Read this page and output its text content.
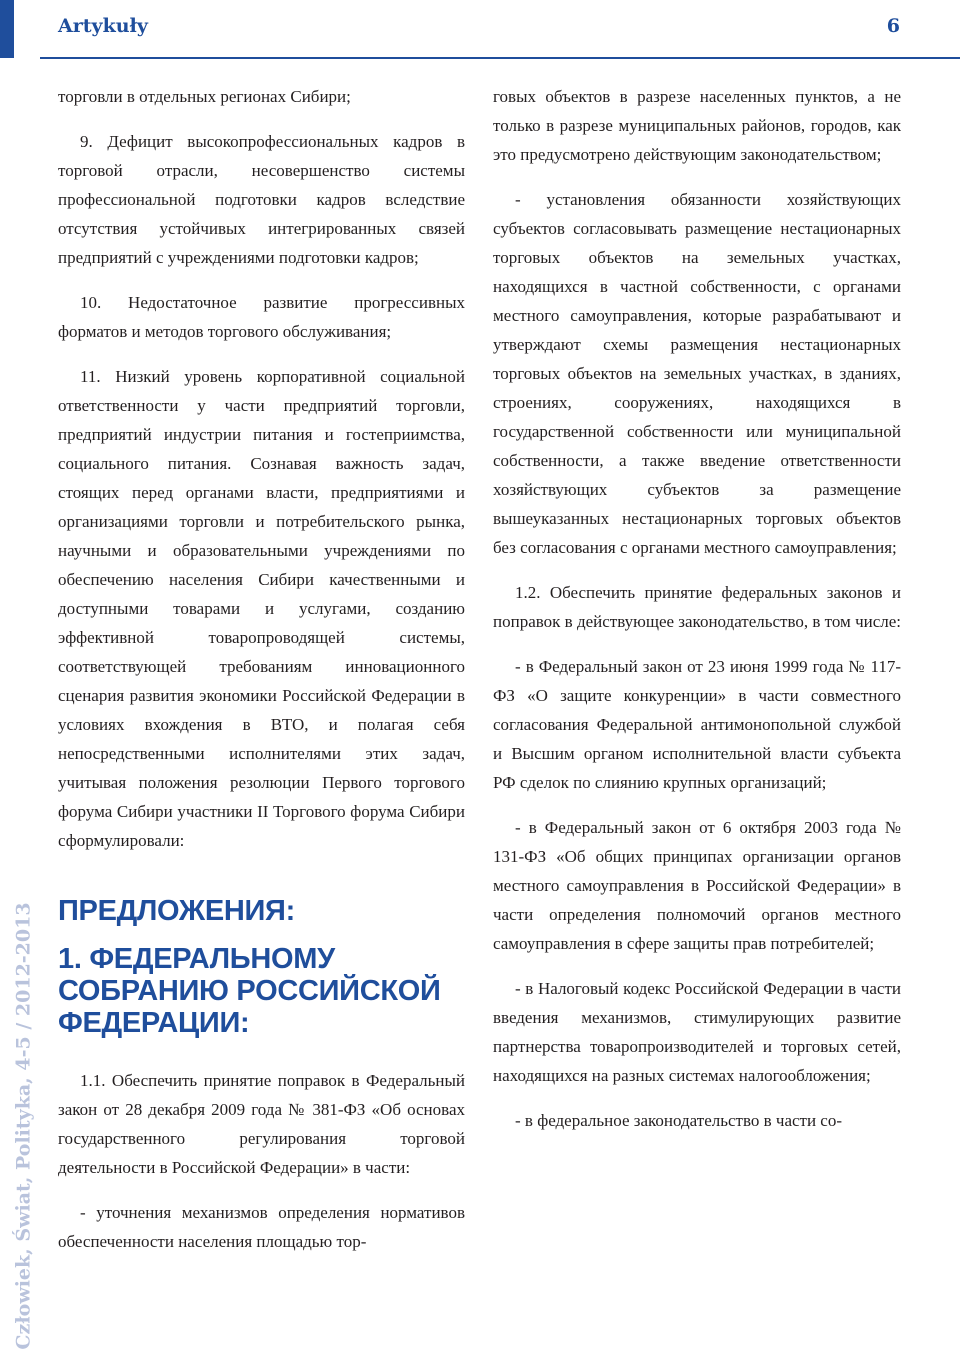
Artykuły	6
Człowiek, Świat, Polityka, 4-5 / 2012-2013

торговли в отдельных регионах Сибири;

9. Дефицит высокопрофессиональных кадров в торговой отрасли, несовершенство системы профессиональной подготовки кадров вследствие отсутствия устойчивых интегрированных связей предприятий с учреждениями подготовки кадров;

10. Недостаточное развитие прогрессивных форматов и методов торгового обслуживания;

11. Низкий уровень корпоративной социальной ответственности у части предприятий торговли, предприятий индустрии питания и гостеприимства, социального питания. Сознавая важность задач, стоящих перед органами власти, предприятиями и организациями торговли и потребительского рынка, научными и образовательными учреждениями по обеспечению населения Сибири качественными и доступными товарами и услугами, созданию эффективной товаропроводящей системы, соответствующей требованиям инновационного сценария развития экономики Российской Федерации в условиях вхождения в ВТО, и полагая себя непосредственными исполнителями этих задач, учитывая положения резолюции Первого торгового форума Сибири участники II Торгового форума Сибири сформулировали:

ПРЕДЛОЖЕНИЯ:
1. ФЕДЕРАЛЬНОМУ СОБРАНИЮ РОССИЙСКОЙ ФЕДЕРАЦИИ:

1.1. Обеспечить принятие поправок в Федеральный закон от 28 декабря 2009 года № 381-ФЗ «Об основах государственного регулирования торговой деятельности в Российской Федерации» в части:

- уточнения механизмов определения нормативов обеспеченности населения площадью тор-

говых объектов в разрезе населенных пунктов, а не только в разрезе муниципальных районов, городов, как это предусмотрено действующим законодательством;

- установления обязанности хозяйствующих субъектов согласовывать размещение нестационарных торговых объектов на земельных участках, находящихся в частной собственности, с органами местного самоуправления, которые разрабатывают и утверждают схемы размещения нестационарных торговых объектов на земельных участках, в зданиях, строениях, сооружениях, находящихся в государственной собственности или муниципальной собственности, а также введение ответственности хозяйствующих субъектов за размещение вышеуказанных нестационарных торговых объектов без согласования с органами местного самоуправления;

1.2. Обеспечить принятие федеральных законов и поправок в действующее законодательство, в том числе:

- в Федеральный закон от 23 июня 1999 года № 117-ФЗ «О защите конкуренции» в части совместного согласования Федеральной антимонопольной службой и Высшим органом исполнительной власти субъекта РФ сделок по слиянию крупных организаций;

- в Федеральный закон от 6 октября 2003 года № 131-ФЗ «Об общих принципах организации органов местного самоуправления в Российской Федерации» в части определения полномочий органов местного самоуправления в сфере защиты прав потребителей;

- в Налоговый кодекс Российской Федерации в части введения механизмов, стимулирующих развитие партнерства товаропроизводителей и торговых сетей, находящихся на разных системах налогообложения;

- в федеральное законодательство в части со-
